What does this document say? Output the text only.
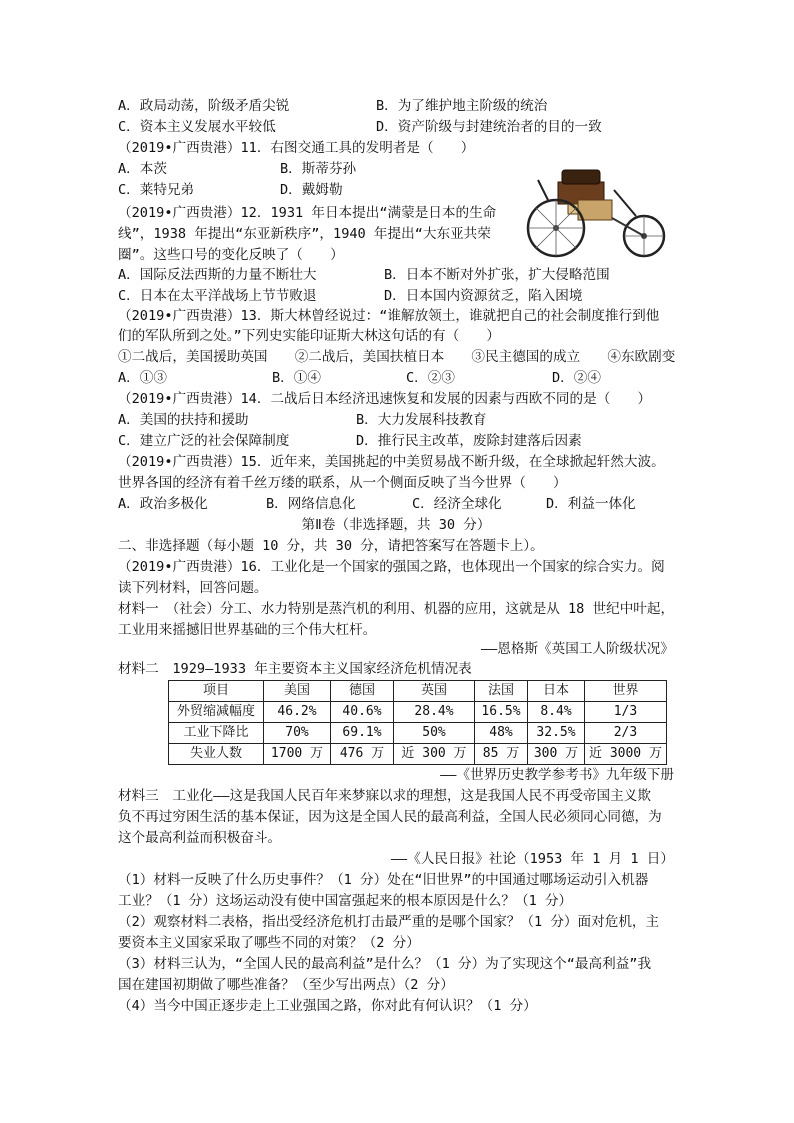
A．政局动荡，阶级矛盾尖锐	B．为了维护地主阶级的统治
C．资本主义发展水平较低	D．资产阶级与封建统治者的目的一致
（2019•广西贵港）11．右图交通工具的发明者是（　　）
A．本茨	B．斯蒂芬孙
C．莱特兄弟	D．戴姆勒
（2019•广西贵港）12．1931 年日本提出“满蒙是日本的生命
线”，1938 年提出“东亚新秩序”，1940 年提出“大东亚共荣
圈”。这些口号的变化反映了（　　）
A．国际反法西斯的力量不断壮大	B．日本不断对外扩张，扩大侵略范围
C．日本在太平洋战场上节节败退	D．日本国内资源贫乏，陷入困境
（2019•广西贵港）13．斯大林曾经说过：“谁解放领土，谁就把自己的社会制度推行到他
们的军队所到之处。”下列史实能印证斯大林这句话的有（　　）
①二战后，美国援助英国　　②二战后，美国扶植日本　　③民主德国的成立　　④东欧剧变
A．①③	B．①④	C．②③	D．②④
（2019•广西贵港）14．二战后日本经济迅速恢复和发展的因素与西欧不同的是（　　）
A．美国的扶持和援助	B．大力发展科技教育
C．建立广泛的社会保障制度	D．推行民主改革，废除封建落后因素
（2019•广西贵港）15．近年来，美国挑起的中美贸易战不断升级，在全球掀起轩然大波。
世界各国的经济有着千丝万缕的联系，从一个侧面反映了当今世界（　　）
A．政治多极化	B．网络信息化	C．经济全球化	D．利益一体化
第Ⅱ卷（非选择题，共 30 分）
二、非选择题（每小题 10 分，共 30 分，请把答案写在答题卡上）。
（2019•广西贵港）16．工业化是一个国家的强国之路，也体现出一个国家的综合实力。阅
读下列材料，回答问题。
材料一　（社会）分工、水力特别是蒸汽机的利用、机器的应用，这就是从 18 世纪中叶起，
工业用来摇撼旧世界基础的三个伟大杠杆。
——恩格斯《英国工人阶级状况》
材料二　1929—1933 年主要资本主义国家经济危机情况表
项目	美国	德国	英国	法国	日本	世界
外贸缩减幅度	46.2%	40.6%	28.4%	16.5%	8.4%	1/3
工业下降比	70%	69.1%	50%	48%	32.5%	2/3
失业人数	1700 万	476 万	近 300 万	85 万	300 万	近 3000 万
——《世界历史教学参考书》九年级下册
材料三　工业化——这是我国人民百年来梦寐以求的理想，这是我国人民不再受帝国主义欺
负不再过穷困生活的基本保证，因为这是全国人民的最高利益，全国人民必须同心同德，为
这个最高利益而积极奋斗。
——《人民日报》社论（1953 年 1 月 1 日）
（1）材料一反映了什么历史事件？（1 分）处在“旧世界”的中国通过哪场运动引入机器
工业？（1 分）这场运动没有使中国富强起来的根本原因是什么？（1 分）
（2）观察材料二表格，指出受经济危机打击最严重的是哪个国家？（1 分）面对危机，主
要资本主义国家采取了哪些不同的对策？（2 分）
（3）材料三认为，“全国人民的最高利益”是什么？（1 分）为了实现这个“最高利益”我
国在建国初期做了哪些准备？（至少写出两点）（2 分）
（4）当今中国正逐步走上工业强国之路，你对此有何认识？（1 分）
